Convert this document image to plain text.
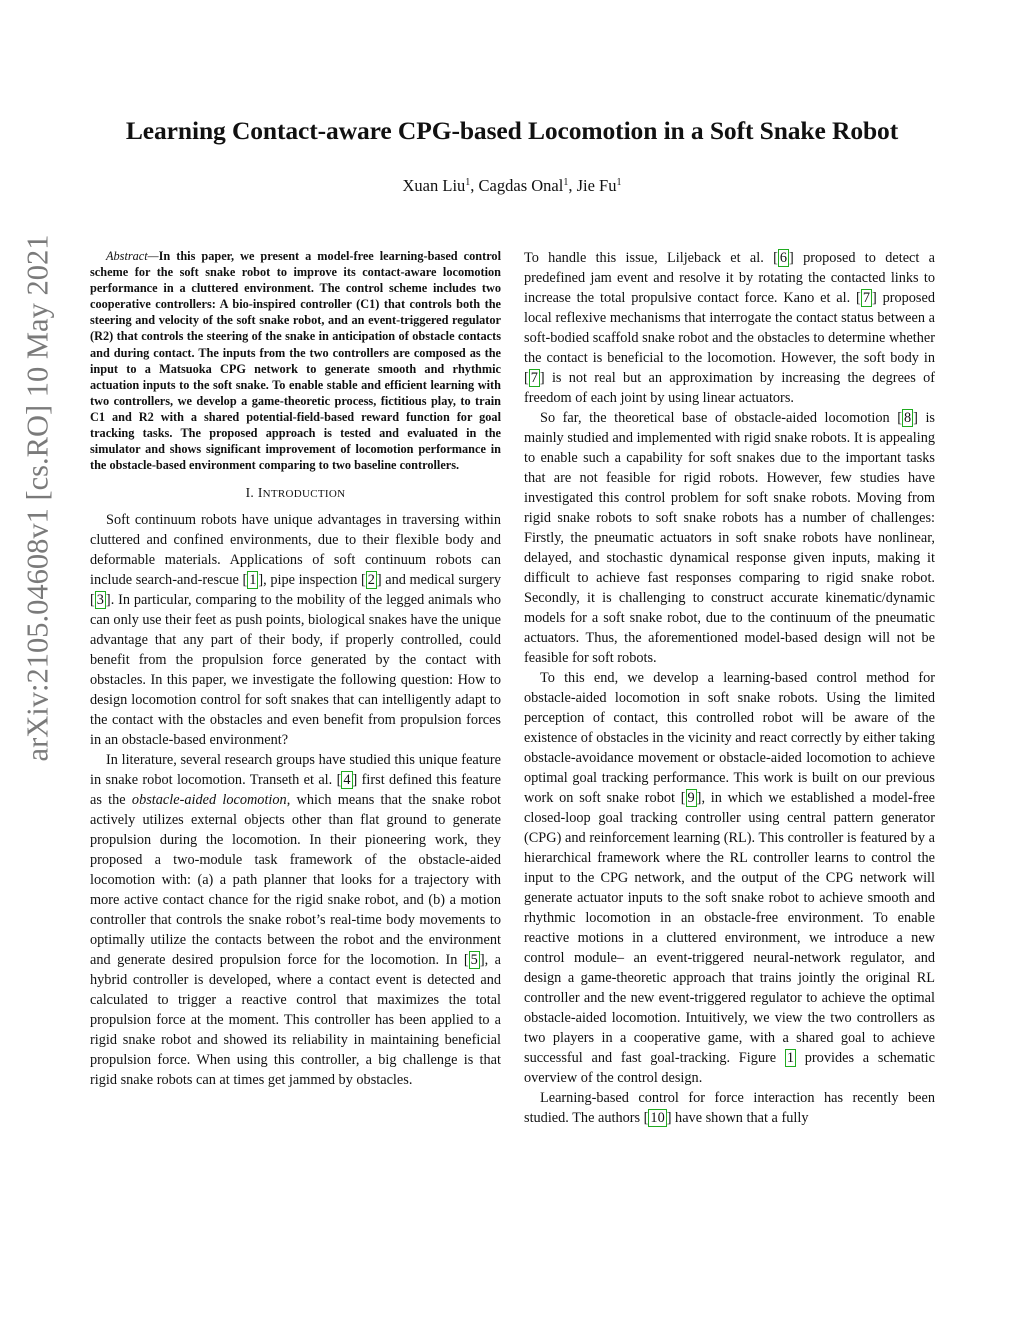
arXiv:2105.04608v1 [cs.RO] 10 May 2021
Learning Contact-aware CPG-based Locomotion in a Soft Snake Robot
Xuan Liu$^1$, Cagdas Onal$^1$, Jie Fu$^1$

Abstract—In this paper, we present a model-free learning-based control scheme for the soft snake robot to improve its contact-aware locomotion performance in a cluttered environment. The control scheme includes two cooperative controllers: A bio-inspired controller (C1) that controls both the steering and velocity of the soft snake robot, and an event-triggered regulator (R2) that controls the steering of the snake in anticipation of obstacle contacts and during contact. The inputs from the two controllers are composed as the input to a Matsuoka CPG network to generate smooth and rhythmic actuation inputs to the soft snake. To enable stable and efficient learning with two controllers, we develop a game-theoretic process, fictitious play, to train C1 and R2 with a shared potential-field-based reward function for goal tracking tasks. The proposed approach is tested and evaluated in the simulator and shows significant improvement of locomotion performance in the obstacle-based environment comparing to two baseline controllers.

I. INTRODUCTION

Soft continuum robots have unique advantages in traversing within cluttered and confined environments, due to their flexible body and deformable materials. Applications of soft continuum robots can include search-and-rescue [ 1 ], pipe inspection [ 2 ] and medical surgery [ 3 ]. In particular, comparing to the mobility of the legged animals who can only use their feet as push points, biological snakes have the unique advantage that any part of their body, if properly controlled, could benefit from the propulsion force generated by the contact with obstacles. In this paper, we investigate the following question: How to design locomotion control for soft snakes that can intelligently adapt to the contact with the obstacles and even benefit from propulsion forces in an obstacle-based environment?

In literature, several research groups have studied this unique feature in snake robot locomotion. Transeth et al. [ 4 ] first defined this feature as the obstacle-aided locomotion, which means that the snake robot actively utilizes external objects other than flat ground to generate propulsion during the locomotion. In their pioneering work, they proposed a two-module task framework of the obstacle-aided locomotion with: (a) a path planner that looks for a trajectory with more active contact chance for the rigid snake robot, and (b) a motion controller that controls the snake robot’s real-time body movements to optimally utilize the contacts between the robot and the environment and generate desired propulsion force for the locomotion. In [ 5 ], a hybrid controller is developed, where a contact event is detected and calculated to trigger a reactive control that maximizes the total propulsion force at the moment. This controller has been applied to a rigid snake robot and showed its reliability in maintaining beneficial propulsion force. When using this controller, a big challenge is that rigid snake robots can at times get jammed by obstacles.

To handle this issue, Liljeback et al. [ 6 ] proposed to detect a predefined jam event and resolve it by rotating the contacted links to increase the total propulsive contact force. Kano et al. [ 7 ] proposed local reflexive mechanisms that interrogate the contact status between a soft-bodied scaffold snake robot and the obstacles to determine whether the contact is beneficial to the locomotion. However, the soft body in [ 7 ] is not real but an approximation by increasing the degrees of freedom of each joint by using linear actuators.

So far, the theoretical base of obstacle-aided locomotion [ 8 ] is mainly studied and implemented with rigid snake robots. It is appealing to enable such a capability for soft snakes due to the important tasks that are not feasible for rigid robots. However, few studies have investigated this control problem for soft snake robots. Moving from rigid snake robots to soft snake robots has a number of challenges: Firstly, the pneumatic actuators in soft snake robots have nonlinear, delayed, and stochastic dynamical response given inputs, making it difficult to achieve fast responses comparing to rigid snake robot. Secondly, it is challenging to construct accurate kinematic/dynamic models for a soft snake robot, due to the continuum of the pneumatic actuators. Thus, the aforementioned model-based design will not be feasible for soft robots.

To this end, we develop a learning-based control method for obstacle-aided locomotion in soft snake robots. Using the limited perception of contact, this controlled robot will be aware of the existence of obstacles in the vicinity and react correctly by either taking obstacle-avoidance movement or obstacle-aided locomotion to achieve optimal goal tracking performance. This work is built on our previous work on soft snake robot [ 9 ], in which we established a model-free closed-loop goal tracking controller using central pattern generator (CPG) and reinforcement learning (RL). This controller is featured by a hierarchical framework where the RL controller learns to control the input to the CPG network, and the output of the CPG network will generate actuator inputs to the soft snake robot to achieve smooth and rhythmic locomotion in an obstacle-free environment. To enable reactive motions in a cluttered environment, we introduce a new control module– an event-triggered neural-network regulator, and design a game-theoretic approach that trains jointly the original RL controller and the new event-triggered regulator to achieve the optimal obstacle-aided locomotion. Intuitively, we view the two controllers as two players in a cooperative game, with a shared goal to achieve successful and fast goal-tracking. Figure 1 provides a schematic overview of the control design.

Learning-based control for force interaction has recently been studied. The authors [ 10 ] have shown that a fully
